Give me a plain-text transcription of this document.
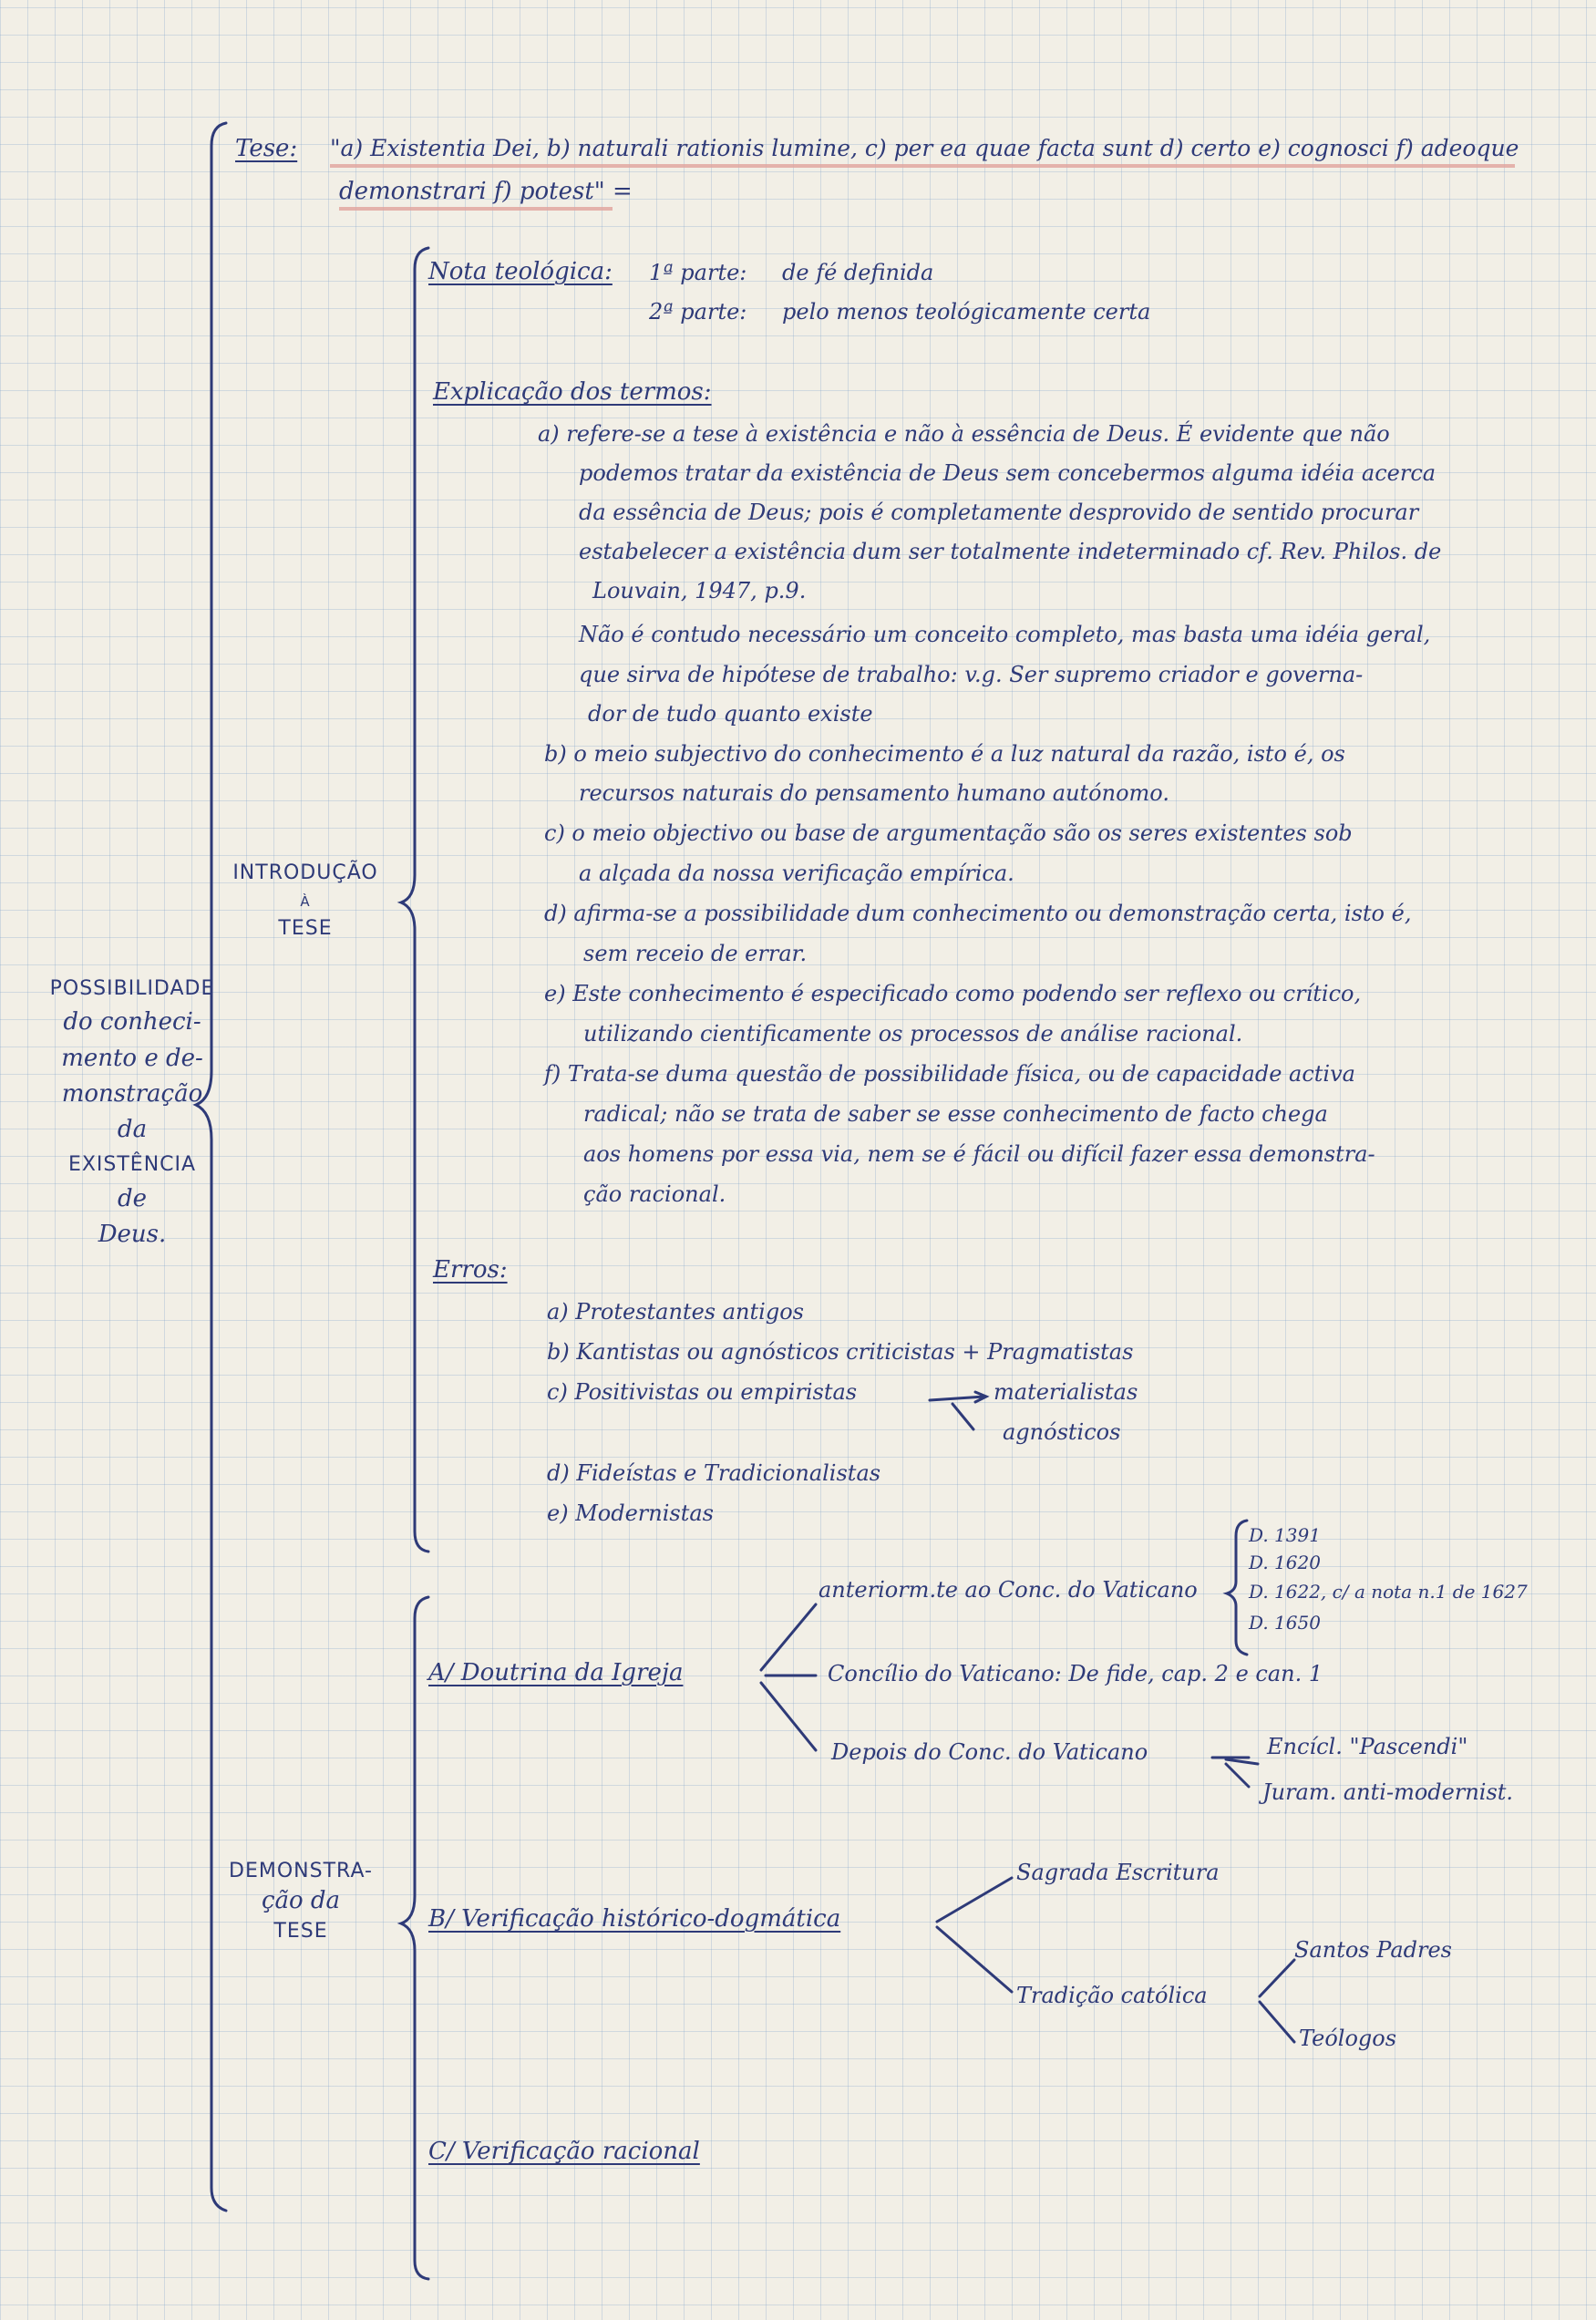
Tese: "a) Existentia Dei, b) naturali rationis lumine, c) per ea quae facta sunt d) certo e) cognosci f) adeoque
demonstrari f) potest" =
POSSIBILIDADE
do conheci-
mento e de-
monstração
da
EXISTÊNCIA
de
Deus.
INTRODUÇÃO
à
TESE
Nota teológica: 1ª parte: de fé definida
2ª parte: pelo menos teológicamente certa
Explicação dos termos:
a) refere-se a tese à existência e não à essência de Deus. É evidente que não
podemos tratar da existência de Deus sem concebermos alguma idéia acerca
da essência de Deus; pois é completamente desprovido de sentido procurar
estabelecer a existência dum ser totalmente indeterminado cf. Rev. Philos. de
Louvain, 1947, p.9.
Não é contudo necessário um conceito completo, mas basta uma idéia geral,
que sirva de hipótese de trabalho: v.g. Ser supremo criador e governa-
dor de tudo quanto existe
b) o meio subjectivo do conhecimento é a luz natural da razão, isto é, os
recursos naturais do pensamento humano autónomo.
c) o meio objectivo ou base de argumentação são os seres existentes sob
a alçada da nossa verificação empírica.
d) afirma-se a possibilidade dum conhecimento ou demonstração certa, isto é,
sem receio de errar.
e) Este conhecimento é especificado como podendo ser reflexo ou crítico,
utilizando cientificamente os processos de análise racional.
f) Trata-se duma questão de possibilidade física, ou de capacidade activa
radical; não se trata de saber se esse conhecimento de facto chega
aos homens por essa via, nem se é fácil ou difícil fazer essa demonstra-
ção racional.
Erros:
a) Protestantes antigos
b) Kantistas ou agnósticos criticistas + Pragmatistas
c) Positivistas ou empiristas	materialistas
agnósticos
d) Fideístas e Tradicionalistas
e) Modernistas
DEMONSTRA-
ção da
TESE
A/ Doutrina da Igreja
anteriorm.te ao Conc. do Vaticano
D. 1391
D. 1620
D. 1622, c/ a nota n.1 de 1627
D. 1650
Concílio do Vaticano: De fide, cap. 2 e can. 1
Depois do Conc. do Vaticano	Encícl. "Pascendi"
Juram. anti-modernist.
B/ Verificação histórico-dogmática
Sagrada Escritura
Tradição católica
Santos Padres
Teólogos
C/ Verificação racional
